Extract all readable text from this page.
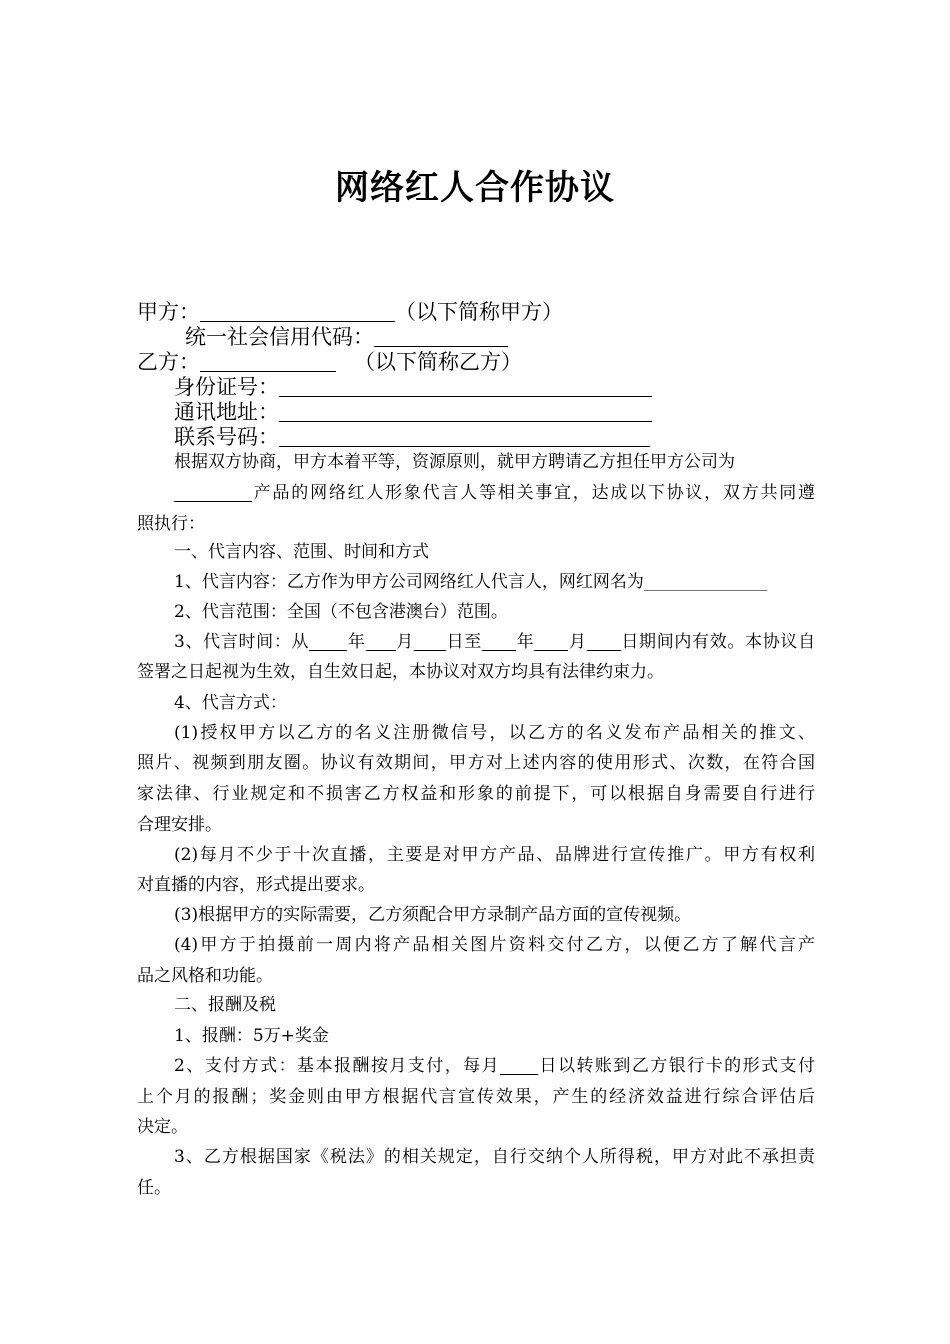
网络红人合作协议
甲方：	（以下简称甲方）
统一社会信用代码：
乙方：	（以下简称乙方）
身份证号：
通讯地址：
联系号码：
根据双方协商，甲方本着平等，资源原则，就甲方聘请乙方担任甲方公司为
产品的网络红人形象代言人等相关事宜，达成以下协议，双方共同遵
照执行：
一、代言内容、范围、时间和方式
1、代言内容：乙方作为甲方公司网络红人代言人，网红网名为
2、代言范围：全国（不包含港澳台）范围。
3、代言时间：从 年 月 日至 年 月 日期间内有效。本协议自
签署之日起视为生效，自生效日起，本协议对双方均具有法律约束力。
4、代言方式：
(1)授权甲方以乙方的名义注册微信号，以乙方的名义发布产品相关的推文、
照片、视频到朋友圈。协议有效期间，甲方对上述内容的使用形式、次数，在符合国
家法律、行业规定和不损害乙方权益和形象的前提下，可以根据自身需要自行进行
合理安排。
(2)每月不少于十次直播，主要是对甲方产品、品牌进行宣传推广。甲方有权利
对直播的内容，形式提出要求。
(3)根据甲方的实际需要，乙方须配合甲方录制产品方面的宣传视频。
(4)甲方于拍摄前一周内将产品相关图片资料交付乙方，以便乙方了解代言产
品之风格和功能。
二、报酬及税
1、报酬：5万+奖金
2、支付方式：基本报酬按月支付，每月 日以转账到乙方银行卡的形式支付
上个月的报酬；奖金则由甲方根据代言宣传效果，产生的经济效益进行综合评估后
决定。
3、乙方根据国家《税法》的相关规定，自行交纳个人所得税，甲方对此不承担责
任。
